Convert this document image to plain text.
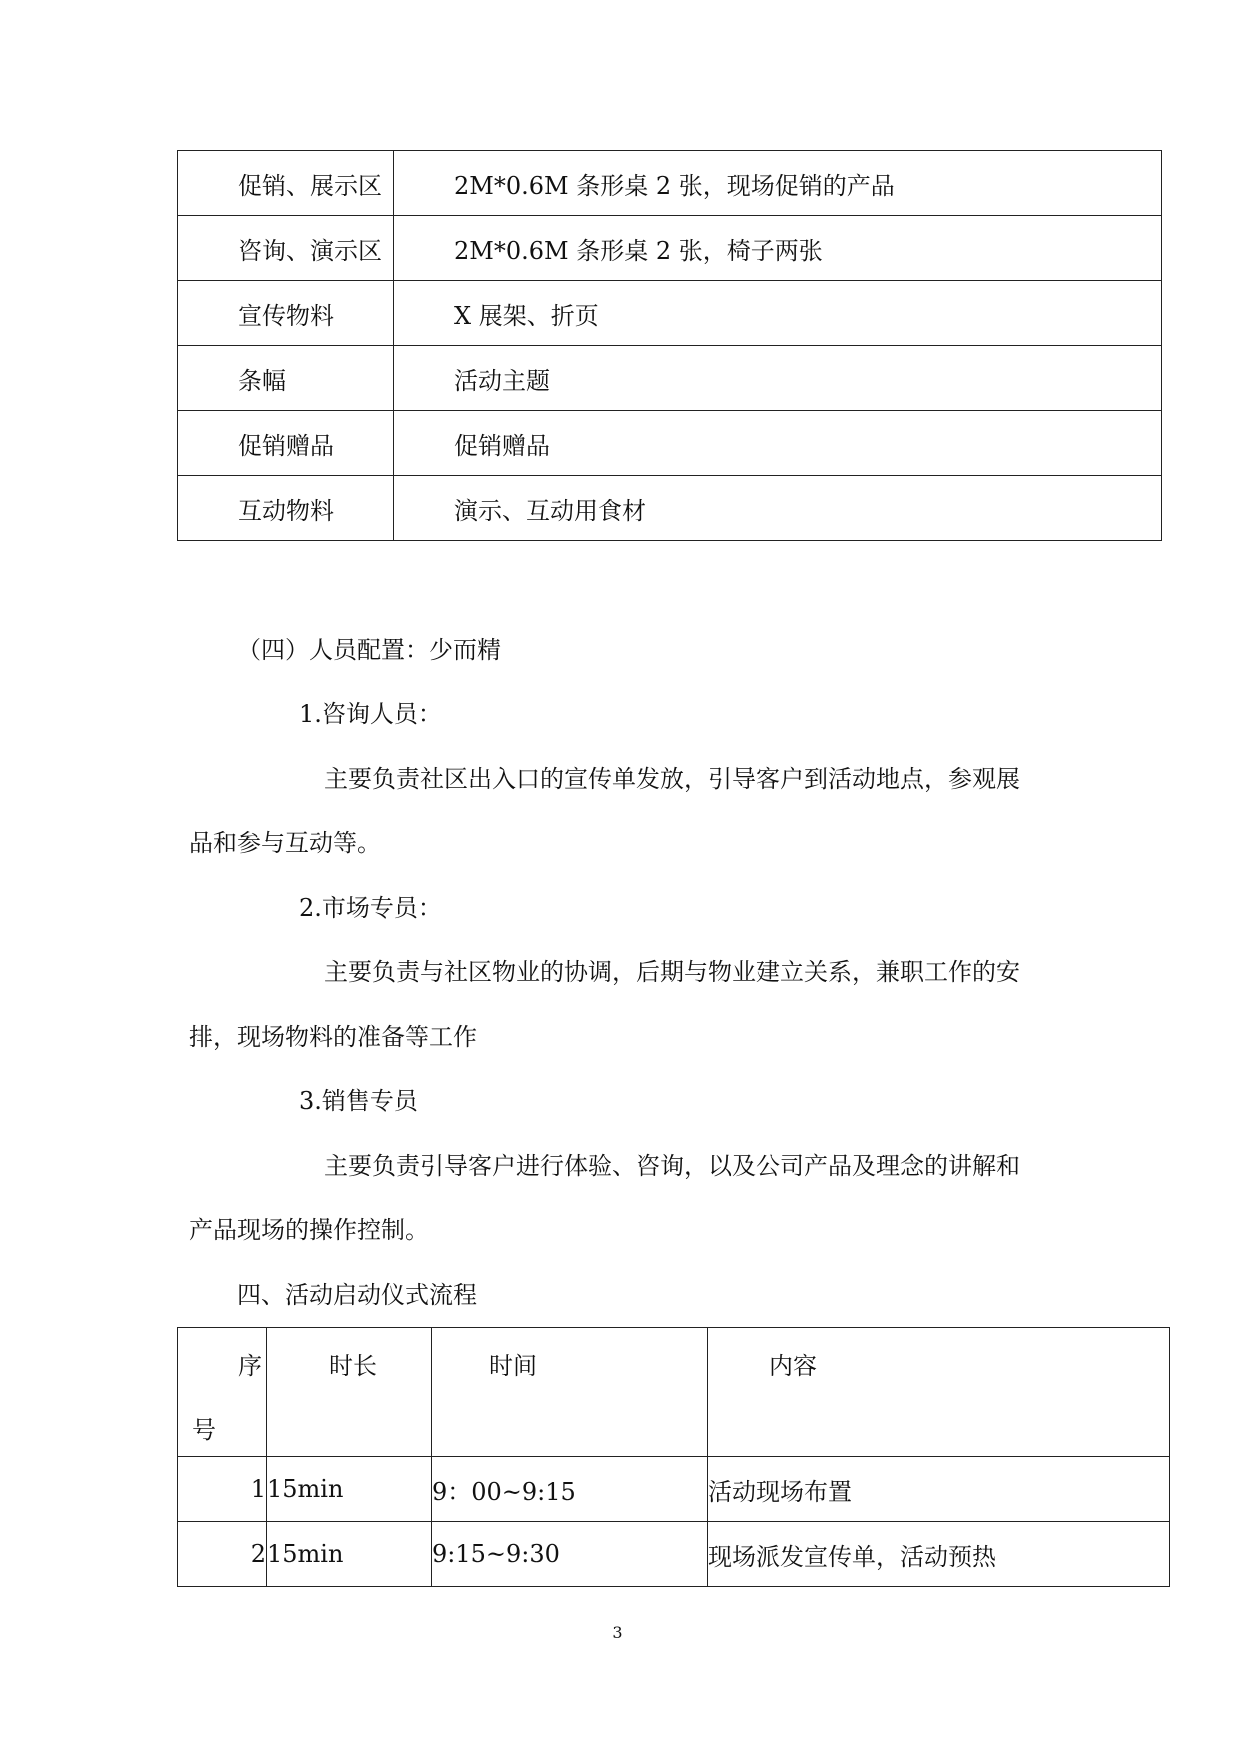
促销、展示区	2M*0.6M 条形桌 2 张，现场促销的产品
咨询、演示区	2M*0.6M 条形桌 2 张，椅子两张
宣传物料	X 展架、折页
条幅	活动主题
促销赠品	促销赠品
互动物料	演示、互动用食材
（四）人员配置：少而精
1.咨询人员：
主要负责社区出入口的宣传单发放，引导客户到活动地点，参观展
品和参与互动等。
2.市场专员：
主要负责与社区物业的协调，后期与物业建立关系，兼职工作的安
排，现场物料的准备等工作
3.销售专员
主要负责引导客户进行体验、咨询，以及公司产品及理念的讲解和
产品现场的操作控制。
四、活动启动仪式流程
序
号	时长	时间	内容

1	15min	9：00~9:15	活动现场布置
2	15min	9:15~9:30	现场派发宣传单，活动预热
3
